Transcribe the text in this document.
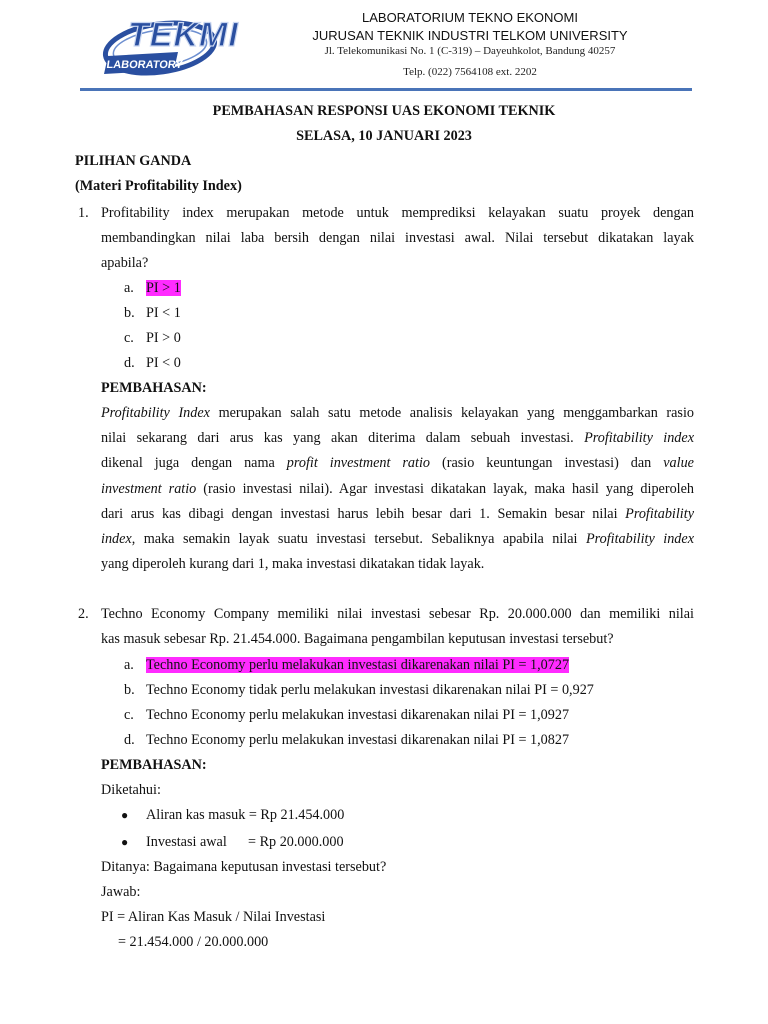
LABORATORY
TEKMI	LABORATORIUM TEKNO EKONOMI
JURUSAN TEKNIK INDUSTRI TELKOM UNIVERSITY
Jl. Telekomunikasi No. 1 (C-319) – Dayeuhkolot, Bandung 40257
Telp. (022) 7564108 ext. 2202
PEMBAHASAN RESPONSI UAS EKONOMI TEKNIK
SELASA, 10 JANUARI 2023
PILIHAN GANDA
(Materi Profitability Index)
1. Profitability index merupakan metode untuk memprediksi kelayakan suatu proyek dengan
membandingkan nilai laba bersih dengan nilai investasi awal. Nilai tersebut dikatakan layak
apabila?
a. PI > 1
b. PI < 1
c. PI > 0
d. PI < 0
PEMBAHASAN:
Profitability Index merupakan salah satu metode analisis kelayakan yang menggambarkan rasio
nilai sekarang dari arus kas yang akan diterima dalam sebuah investasi. Profitability index
dikenal juga dengan nama profit investment ratio (rasio keuntungan investasi) dan value
investment ratio (rasio investasi nilai). Agar investasi dikatakan layak, maka hasil yang diperoleh
dari arus kas dibagi dengan investasi harus lebih besar dari 1. Semakin besar nilai Profitability
index, maka semakin layak suatu investasi tersebut. Sebaliknya apabila nilai Profitability index
yang diperoleh kurang dari 1, maka investasi dikatakan tidak layak.
2. Techno Economy Company memiliki nilai investasi sebesar Rp. 20.000.000 dan memiliki nilai
kas masuk sebesar Rp. 21.454.000. Bagaimana pengambilan keputusan investasi tersebut?
a. Techno Economy perlu melakukan investasi dikarenakan nilai PI = 1,0727
b. Techno Economy tidak perlu melakukan investasi dikarenakan nilai PI = 0,927
c. Techno Economy perlu melakukan investasi dikarenakan nilai PI = 1,0927
d. Techno Economy perlu melakukan investasi dikarenakan nilai PI = 1,0827
PEMBAHASAN:
Diketahui:
● Aliran kas masuk = Rp 21.454.000
● Investasi awal      = Rp 20.000.000
Ditanya: Bagaimana keputusan investasi tersebut?
Jawab:
PI = Aliran Kas Masuk / Nilai Investasi
= 21.454.000 / 20.000.000
